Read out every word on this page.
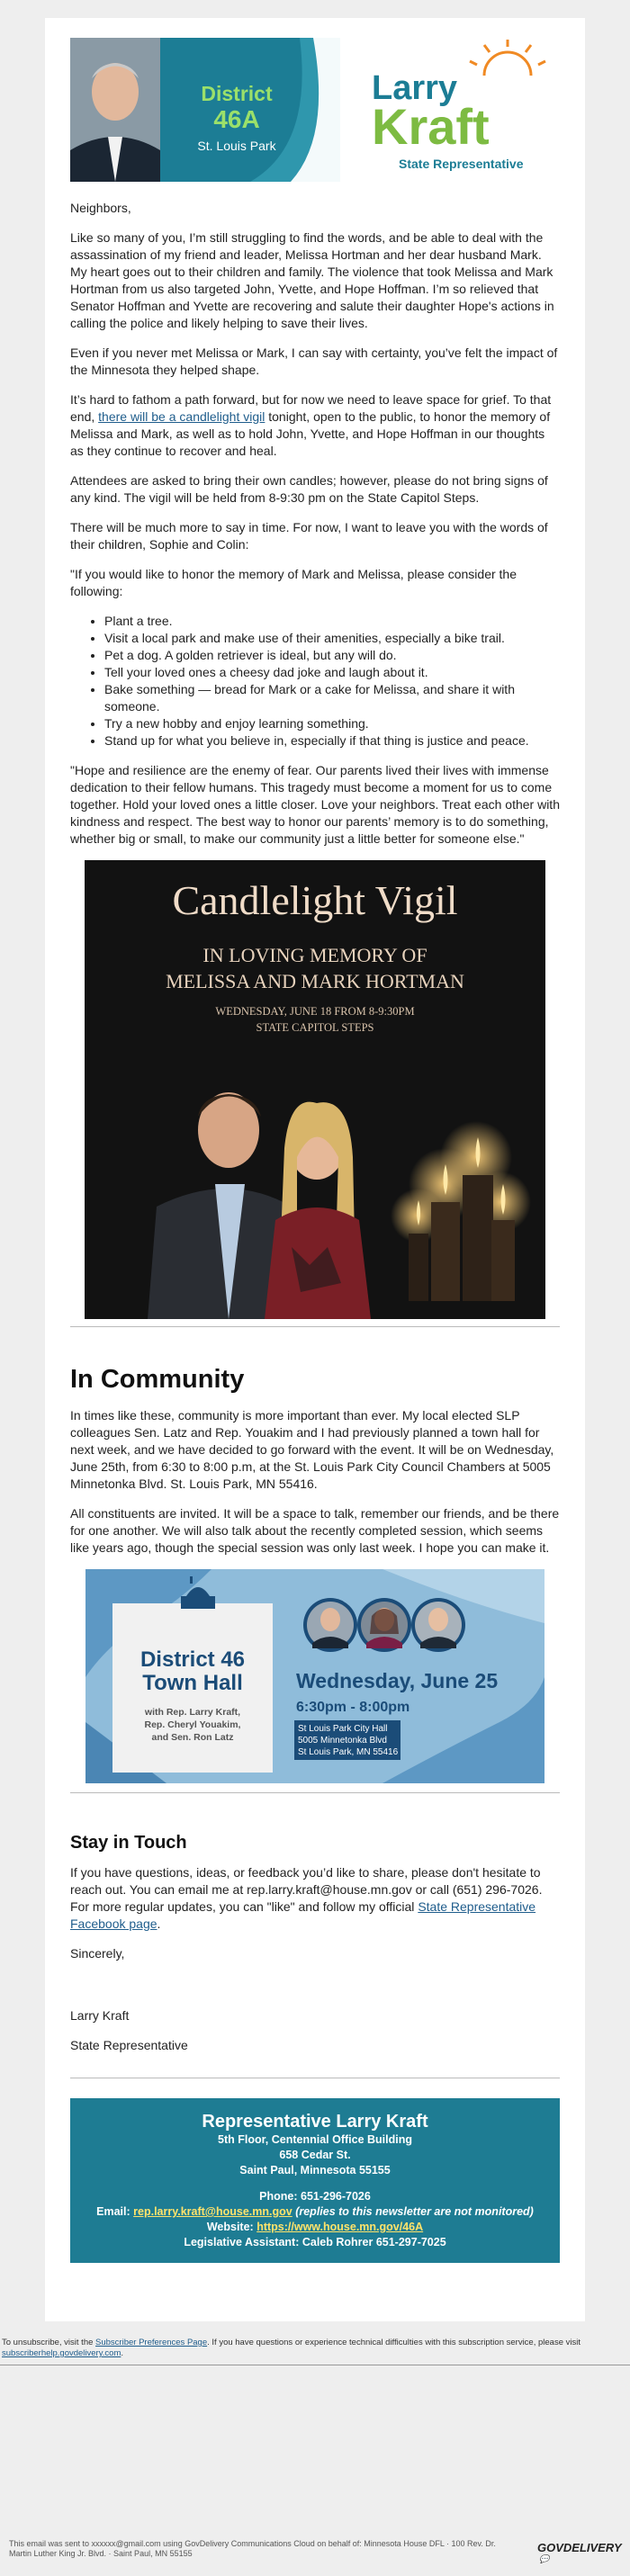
District
46A
St. Louis Park
Larry
Kraft
State Representative

Neighbors,

Like so many of you, I’m still struggling to find the words, and be able to deal with the assassination of my friend and leader, Melissa Hortman and her dear husband Mark. My heart goes out to their children and family. The violence that took Melissa and Mark Hortman from us also targeted John, Yvette, and Hope Hoffman. I’m so relieved that Senator Hoffman and Yvette are recovering and salute their daughter Hope's actions in calling the police and likely helping to save their lives.

Even if you never met Melissa or Mark, I can say with certainty, you’ve felt the impact of the Minnesota they helped shape.

It’s hard to fathom a path forward, but for now we need to leave space for grief. To that end, there will be a candlelight vigil tonight, open to the public, to honor the memory of Melissa and Mark, as well as to hold John, Yvette, and Hope Hoffman in our thoughts as they continue to recover and heal.

Attendees are asked to bring their own candles; however, please do not bring signs of any kind. The vigil will be held from 8-9:30 pm on the State Capitol Steps.

There will be much more to say in time. For now, I want to leave you with the words of their children, Sophie and Colin:

"If you would like to honor the memory of Mark and Melissa, please consider the following:

• Plant a tree.
• Visit a local park and make use of their amenities, especially a bike trail.
• Pet a dog. A golden retriever is ideal, but any will do.
• Tell your loved ones a cheesy dad joke and laugh about it.
• Bake something — bread for Mark or a cake for Melissa, and share it with someone.
• Try a new hobby and enjoy learning something.
• Stand up for what you believe in, especially if that thing is justice and peace.

"Hope and resilience are the enemy of fear. Our parents lived their lives with immense dedication to their fellow humans. This tragedy must become a moment for us to come together. Hold your loved ones a little closer. Love your neighbors. Treat each other with kindness and respect. The best way to honor our parents’ memory is to do something, whether big or small, to make our community just a little better for someone else."

Candlelight Vigil
IN LOVING MEMORY OF
MELISSA AND MARK HORTMAN
WEDNESDAY, JUNE 18 FROM 8-9:30PM
STATE CAPITOL STEPS
In Community

In times like these, community is more important than ever. My local elected SLP colleagues Sen. Latz and Rep. Youakim and I had previously planned a town hall for next week, and we have decided to go forward with the event. It will be on Wednesday, June 25th, from 6:30 to 8:00 p.m, at the St. Louis Park City Council Chambers at 5005 Minnetonka Blvd. St. Louis Park, MN 55416.

All constituents are invited. It will be a space to talk, remember our friends, and be there for one another. We will also talk about the recently completed session, which seems like years ago, though the special session was only last week. I hope you can make it.

District 46
Town Hall
with Rep. Larry Kraft,
Rep. Cheryl Youakim,
and Sen. Ron Latz
Wednesday, June 25
6:30pm - 8:00pm
St Louis Park City Hall
5005 Minnetonka Blvd
St Louis Park, MN 55416
Stay in Touch

If you have questions, ideas, or feedback you’d like to share, please don't hesitate to reach out. You can email me at rep.larry.kraft@house.mn.gov or call (651) 296-7026. For more regular updates, you can "like" and follow my official State Representative Facebook page.

Sincerely,

Larry Kraft

State Representative

Representative Larry Kraft
5th Floor, Centennial Office Building
658 Cedar St.
Saint Paul, Minnesota 55155
Phone: 651-296-7026
Email: rep.larry.kraft@house.mn.gov (replies to this newsletter are not monitored)
Website: https://www.house.mn.gov/46A
Legislative Assistant: Caleb Rohrer 651-297-7025
To unsubscribe, visit the Subscriber Preferences Page. If you have questions or experience technical difficulties with this subscription service, please visit subscriberhelp.govdelivery.com.
This email was sent to xxxxxx@gmail.com using GovDelivery Communications Cloud on behalf of: Minnesota House DFL · 100 Rev. Dr. Martin Luther King Jr. Blvd. · Saint Paul, MN 55155	GOVDELIVERY💬
